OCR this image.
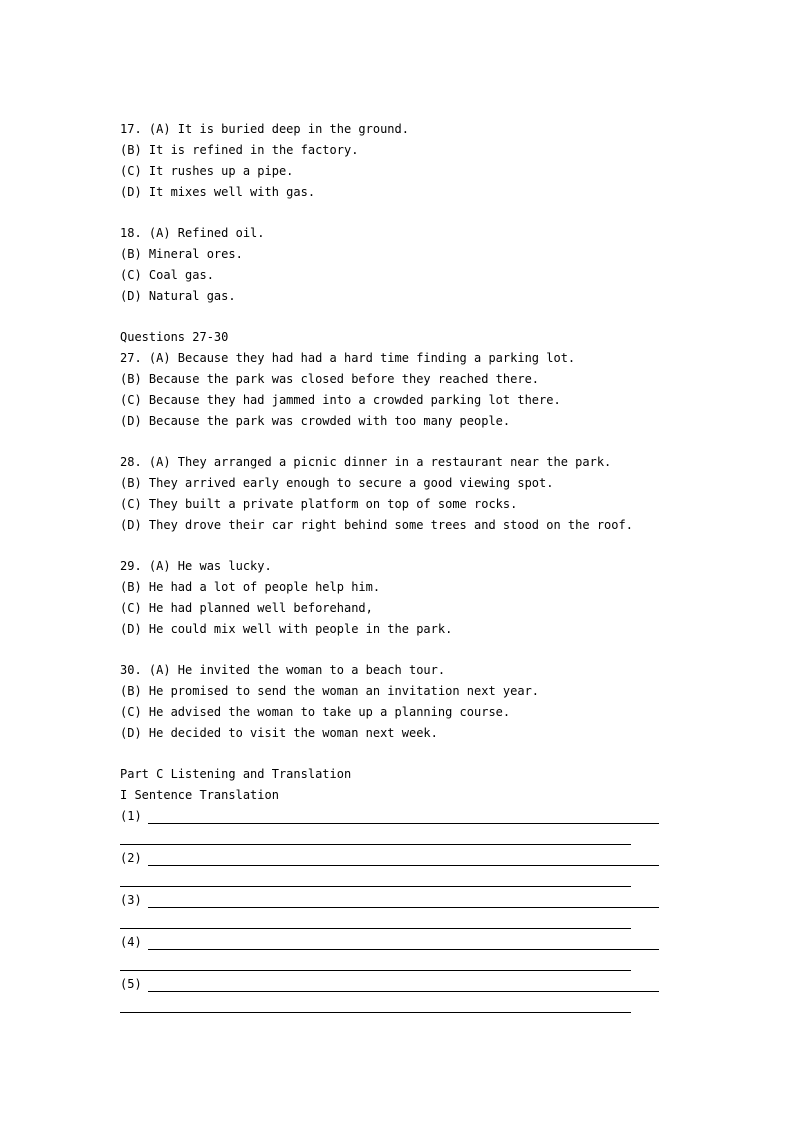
17. (A) It is buried deep in the ground.
(B) It is refined in the factory.
(C) It rushes up a pipe.
(D) It mixes well with gas.
18. (A) Refined oil.
(B) Mineral ores.
(C) Coal gas.
(D) Natural gas.
Questions 27-30
27. (A) Because they had had a hard time finding a parking lot.
(B) Because the park was closed before they reached there.
(C) Because they had jammed into a crowded parking lot there.
(D) Because the park was crowded with too many people.
28. (A) They arranged a picnic dinner in a restaurant near the park.
(B) They arrived early enough to secure a good viewing spot.
(C) They built a private platform on top of some rocks.
(D) They drove their car right behind some trees and stood on the roof.
29. (A) He was lucky.
(B) He had a lot of people help him.
(C) He had planned well beforehand,
(D) He could mix well with people in the park.
30. (A) He invited the woman to a beach tour.
(B) He promised to send the woman an invitation next year.
(C) He advised the woman to take up a planning course.
(D) He decided to visit the woman next week.
Part C Listening and Translation
I Sentence Translation
(1)
(2)
(3)
(4)
(5)
